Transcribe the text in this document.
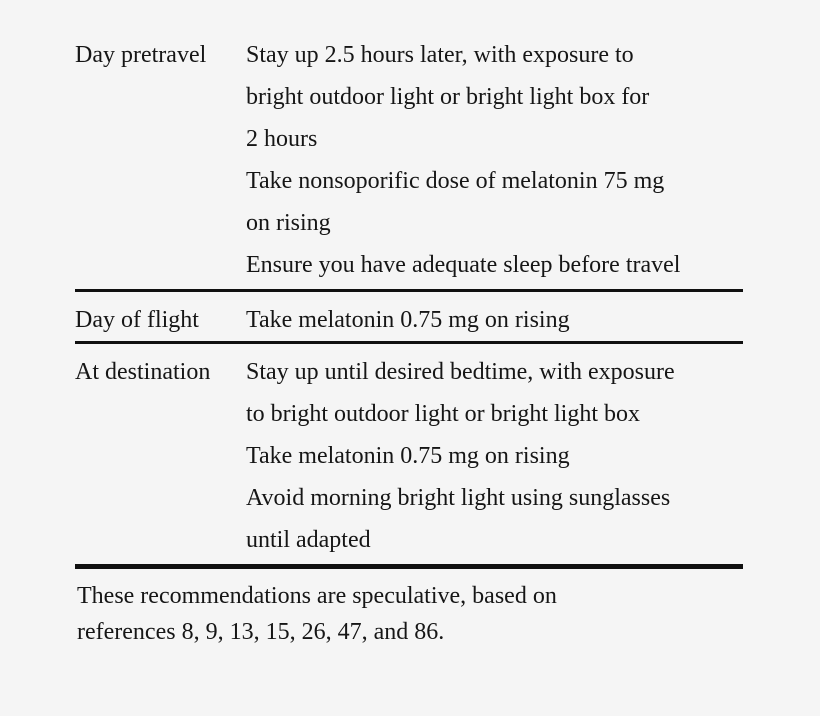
Day pretravel	Stay up 2.5 hours later, with exposure to
bright outdoor light or bright light box for
2 hours
Take nonsoporific dose of melatonin 75 mg
on rising
Ensure you have adequate sleep before travel
Day of flight	Take melatonin 0.75 mg on rising
At destination	Stay up until desired bedtime, with exposure
to bright outdoor light or bright light box
Take melatonin 0.75 mg on rising
Avoid morning bright light using sunglasses
until adapted
These recommendations are speculative, based on
references 8, 9, 13, 15, 26, 47, and 86.
